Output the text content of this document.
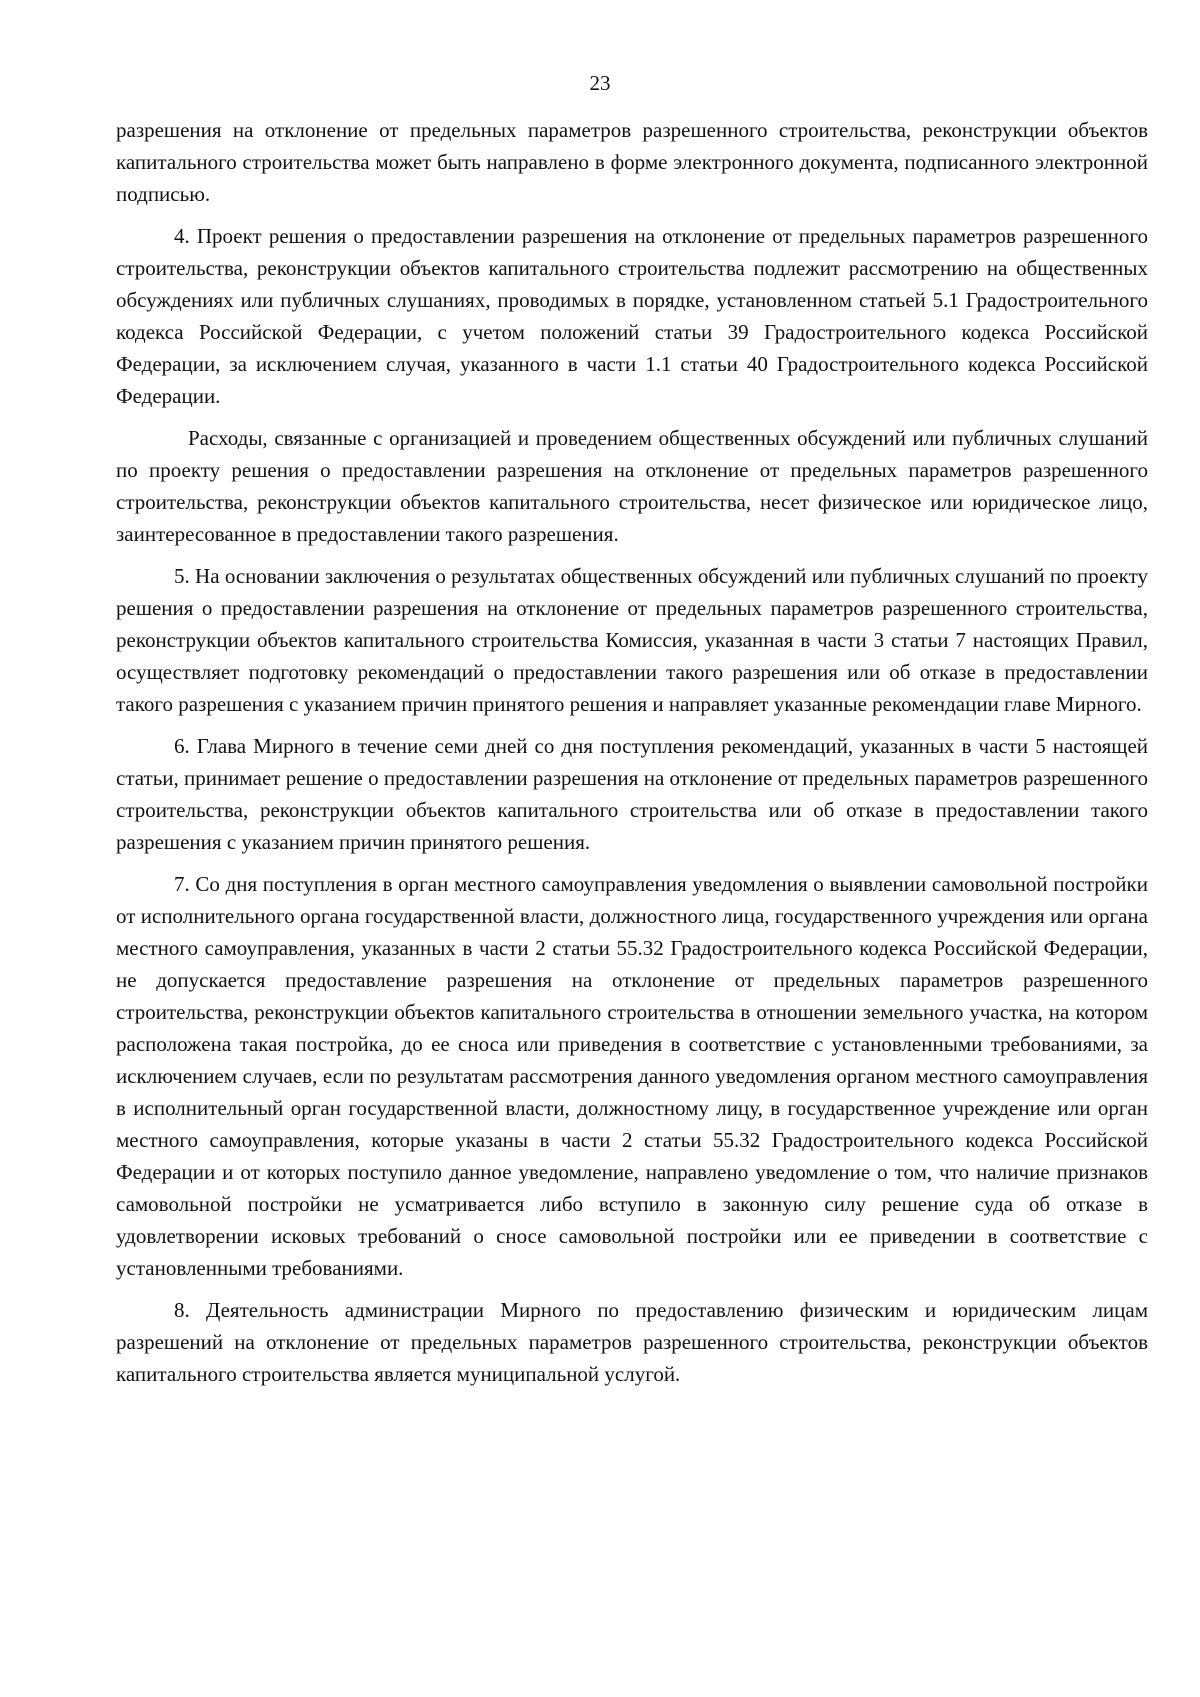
23

разрешения на отклонение от предельных параметров разрешенного строительства, реконструкции объектов капитального строительства может быть направлено в форме электронного документа, подписанного электронной подписью.

4. Проект решения о предоставлении разрешения на отклонение от предельных параметров разрешенного строительства, реконструкции объектов капитального строительства подлежит рассмотрению на общественных обсуждениях или публичных слушаниях, проводимых в порядке, установленном статьей 5.1 Градостроительного кодекса Российской Федерации, с учетом положений статьи 39 Градостроительного кодекса Российской Федерации, за исключением случая, указанного в части 1.1 статьи 40 Градостроительного кодекса Российской Федерации.

Расходы, связанные с организацией и проведением общественных обсуждений или публичных слушаний по проекту решения о предоставлении разрешения на отклонение от предельных параметров разрешенного строительства, реконструкции объектов капитального строительства, несет физическое или юридическое лицо, заинтересованное в предоставлении такого разрешения.

5. На основании заключения о результатах общественных обсуждений или публичных слушаний по проекту решения о предоставлении разрешения на отклонение от предельных параметров разрешенного строительства, реконструкции объектов капитального строительства Комиссия, указанная в части 3 статьи 7 настоящих Правил, осуществляет подготовку рекомендаций о предоставлении такого разрешения или об отказе в предоставлении такого разрешения с указанием причин принятого решения и направляет указанные рекомендации главе Мирного.

6. Глава Мирного в течение семи дней со дня поступления рекомендаций, указанных в части 5 настоящей статьи, принимает решение о предоставлении разрешения на отклонение от предельных параметров разрешенного строительства, реконструкции объектов капитального строительства или об отказе в предоставлении такого разрешения с указанием причин принятого решения.

7. Со дня поступления в орган местного самоуправления уведомления о выявлении самовольной постройки от исполнительного органа государственной власти, должностного лица, государственного учреждения или органа местного самоуправления, указанных в части 2 статьи 55.32 Градостроительного кодекса Российской Федерации, не допускается предоставление разрешения на отклонение от предельных параметров разрешенного строительства, реконструкции объектов капитального строительства в отношении земельного участка, на котором расположена такая постройка, до ее сноса или приведения в соответствие с установленными требованиями, за исключением случаев, если по результатам рассмотрения данного уведомления органом местного самоуправления в исполнительный орган государственной власти, должностному лицу, в государственное учреждение или орган местного самоуправления, которые указаны в части 2 статьи 55.32 Градостроительного кодекса Российской Федерации и от которых поступило данное уведомление, направлено уведомление о том, что наличие признаков самовольной постройки не усматривается либо вступило в законную силу решение суда об отказе в удовлетворении исковых требований о сносе самовольной постройки или ее приведении в соответствие с установленными требованиями.

8. Деятельность администрации Мирного по предоставлению физическим и юридическим лицам разрешений на отклонение от предельных параметров разрешенного строительства, реконструкции объектов капитального строительства является муниципальной услугой.
